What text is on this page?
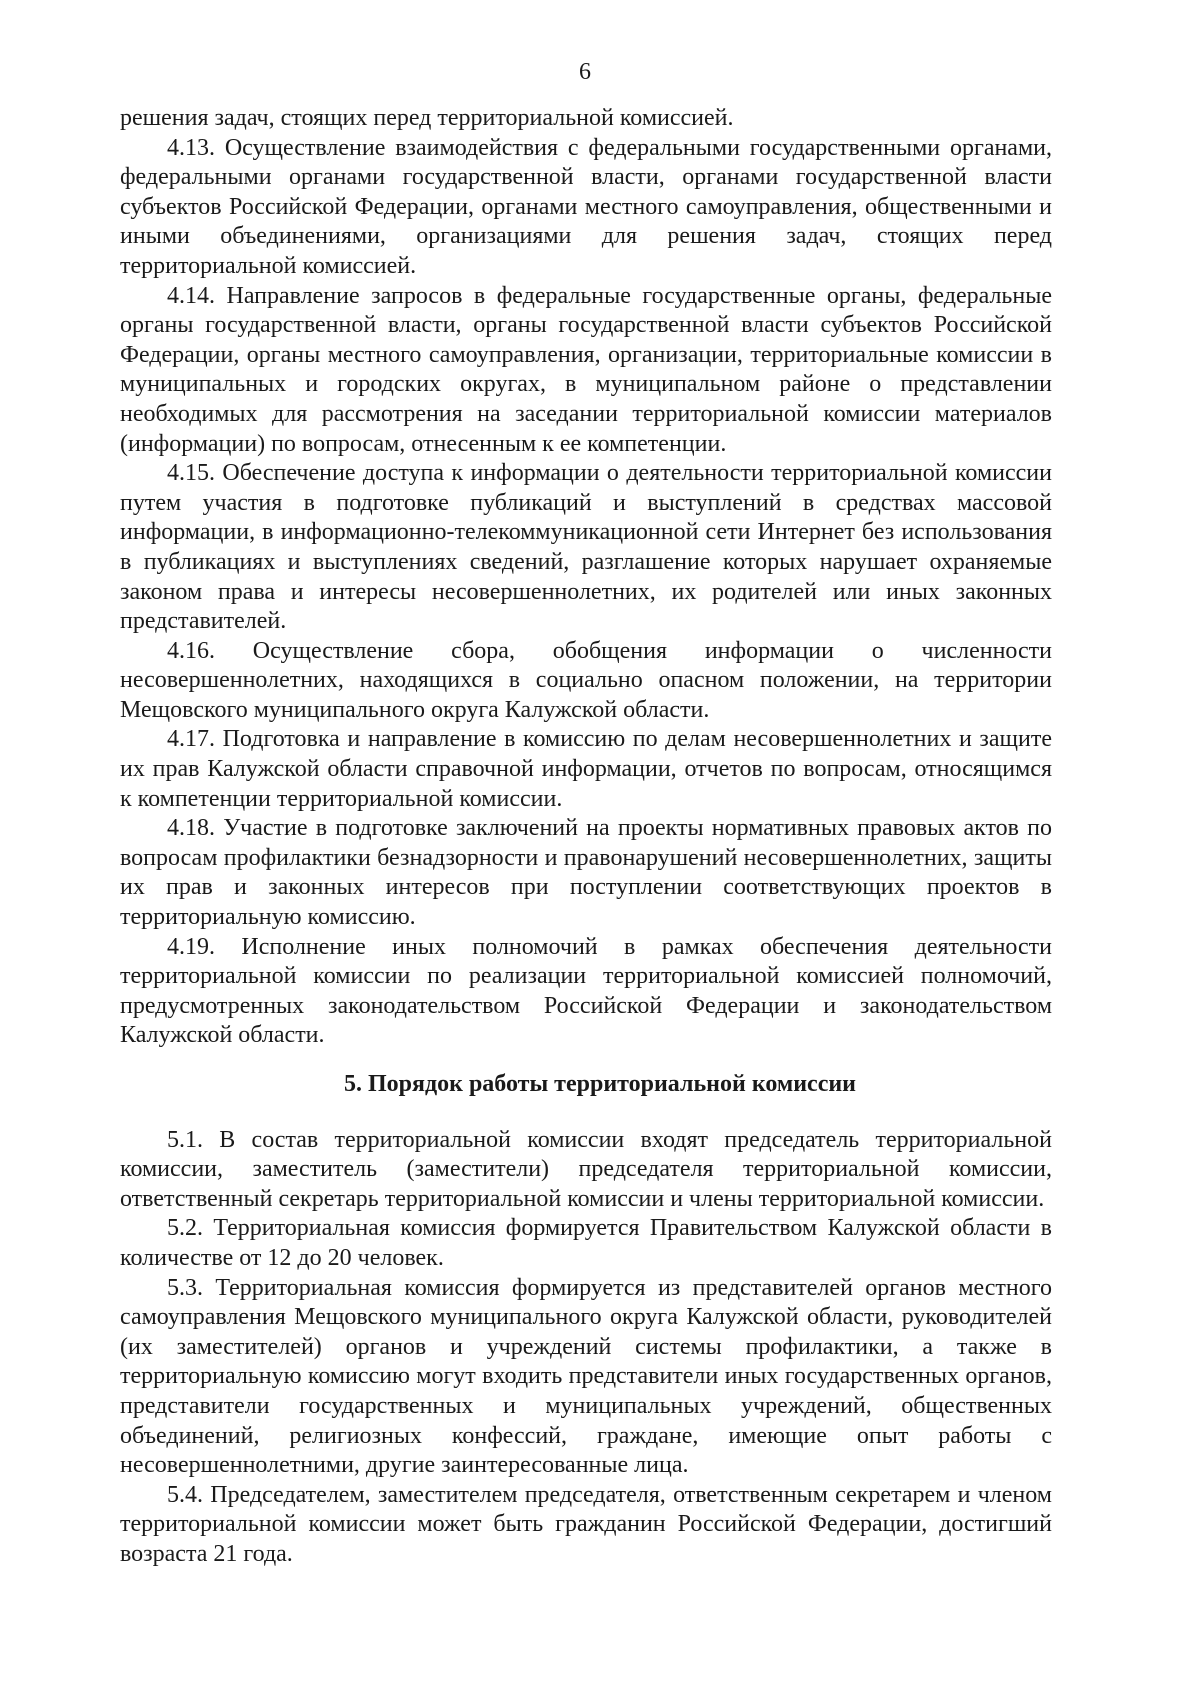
6

решения задач, стоящих перед территориальной комиссией.

4.13. Осуществление взаимодействия с федеральными государственными органами, федеральными органами государственной власти, органами государственной власти субъектов Российской Федерации, органами местного самоуправления, общественными и иными объединениями, организациями для решения задач, стоящих перед территориальной комиссией.

4.14. Направление запросов в федеральные государственные органы, федеральные органы государственной власти, органы государственной власти субъектов Российской Федерации, органы местного самоуправления, организации, территориальные комиссии в муниципальных и городских округах, в муниципальном районе о представлении необходимых для рассмотрения на заседании территориальной комиссии материалов (информации) по вопросам, отнесенным к ее компетенции.

4.15. Обеспечение доступа к информации о деятельности территориальной комиссии путем участия в подготовке публикаций и выступлений в средствах массовой информации, в информационно-телекоммуникационной сети Интернет без использования в публикациях и выступлениях сведений, разглашение которых нарушает охраняемые законом права и интересы несовершеннолетних, их родителей или иных законных представителей.

4.16. Осуществление сбора, обобщения информации о численности несовершеннолетних, находящихся в социально опасном положении, на территории Мещовского муниципального округа Калужской области.

4.17. Подготовка и направление в комиссию по делам несовершеннолетних и защите их прав Калужской области справочной информации, отчетов по вопросам, относящимся к компетенции территориальной комиссии.

4.18. Участие в подготовке заключений на проекты нормативных правовых актов по вопросам профилактики безнадзорности и правонарушений несовершеннолетних, защиты их прав и законных интересов при поступлении соответствующих проектов в территориальную комиссию.

4.19. Исполнение иных полномочий в рамках обеспечения деятельности территориальной комиссии по реализации территориальной комиссией полномочий, предусмотренных законодательством Российской Федерации и законодательством Калужской области.

5. Порядок работы территориальной комиссии

5.1. В состав территориальной комиссии входят председатель территориальной комиссии, заместитель (заместители) председателя территориальной комиссии, ответственный секретарь территориальной комиссии и члены территориальной комиссии.

5.2. Территориальная комиссия формируется Правительством Калужской области в количестве от 12 до 20 человек.

5.3. Территориальная комиссия формируется из представителей органов местного самоуправления Мещовского муниципального округа Калужской области, руководителей (их заместителей) органов и учреждений системы профилактики, а также в территориальную комиссию могут входить представители иных государственных органов, представители государственных и муниципальных учреждений, общественных объединений, религиозных конфессий, граждане, имеющие опыт работы с несовершеннолетними, другие заинтересованные лица.

5.4. Председателем, заместителем председателя, ответственным секретарем и членом территориальной комиссии может быть гражданин Российской Федерации, достигший возраста 21 года.
